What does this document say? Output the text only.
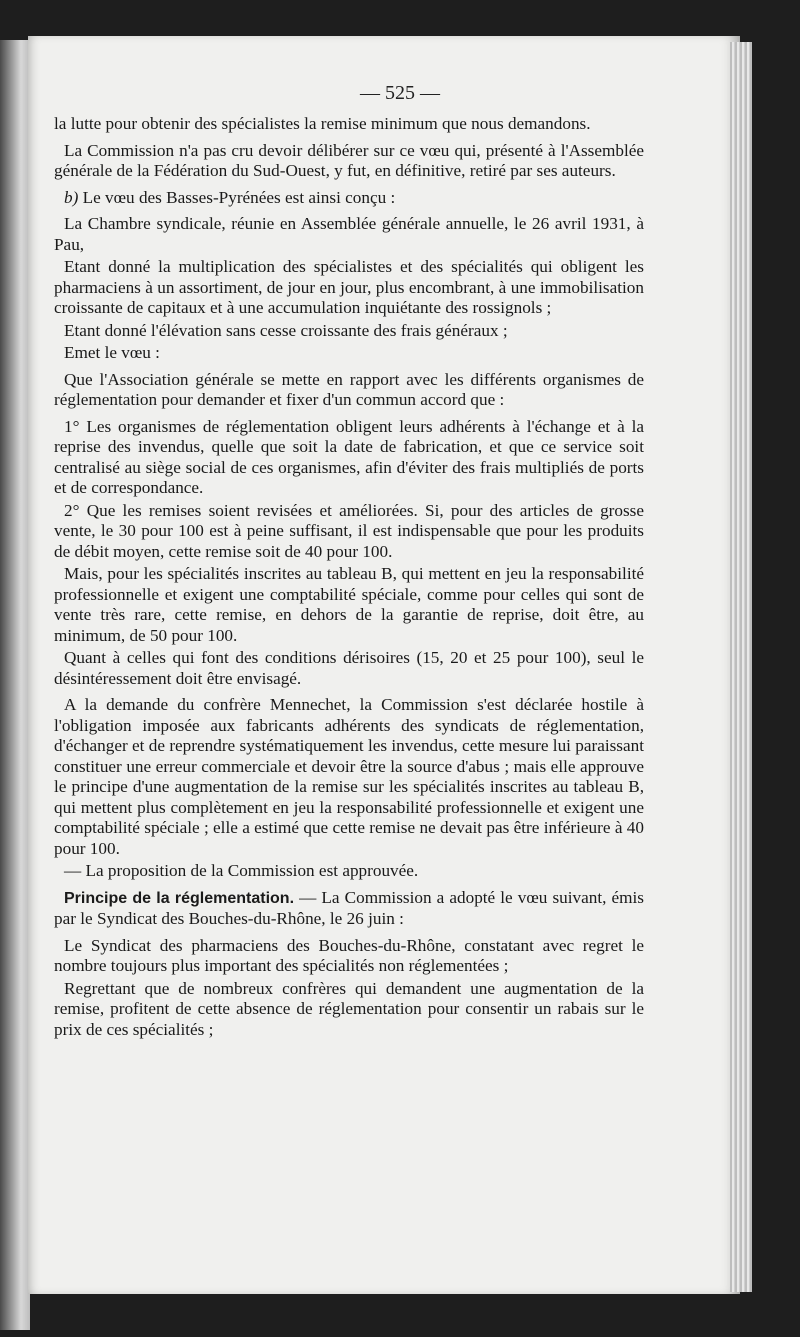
— 525 —

la lutte pour obtenir des spécialistes la remise minimum que nous demandons.

La Commission n'a pas cru devoir délibérer sur ce vœu qui, présenté à l'Assemblée générale de la Fédération du Sud-Ouest, y fut, en définitive, retiré par ses auteurs.

b) Le vœu des Basses-Pyrénées est ainsi conçu :

La Chambre syndicale, réunie en Assemblée générale annuelle, le 26 avril 1931, à Pau,

Etant donné la multiplication des spécialistes et des spécialités qui obligent les pharmaciens à un assortiment, de jour en jour, plus encombrant, à une immobilisation croissante de capitaux et à une accumulation inquiétante des rossignols ;

Etant donné l'élévation sans cesse croissante des frais généraux ;

Emet le vœu :

Que l'Association générale se mette en rapport avec les différents organismes de réglementation pour demander et fixer d'un commun accord que :

1° Les organismes de réglementation obligent leurs adhérents à l'échange et à la reprise des invendus, quelle que soit la date de fabrication, et que ce service soit centralisé au siège social de ces organismes, afin d'éviter des frais multipliés de ports et de correspondance.

2° Que les remises soient revisées et améliorées. Si, pour des articles de grosse vente, le 30 pour 100 est à peine suffisant, il est indispensable que pour les produits de débit moyen, cette remise soit de 40 pour 100.

Mais, pour les spécialités inscrites au tableau B, qui mettent en jeu la responsabilité professionnelle et exigent une comptabilité spéciale, comme pour celles qui sont de vente très rare, cette remise, en dehors de la garantie de reprise, doit être, au minimum, de 50 pour 100.

Quant à celles qui font des conditions dérisoires (15, 20 et 25 pour 100), seul le désintéressement doit être envisagé.

A la demande du confrère Mennechet, la Commission s'est déclarée hostile à l'obligation imposée aux fabricants adhérents des syndicats de réglementation, d'échanger et de reprendre systématiquement les invendus, cette mesure lui paraissant constituer une erreur commerciale et devoir être la source d'abus ; mais elle approuve le principe d'une augmentation de la remise sur les spécialités inscrites au tableau B, qui mettent plus complètement en jeu la responsabilité professionnelle et exigent une comptabilité spéciale ; elle a estimé que cette remise ne devait pas être inférieure à 40 pour 100.

— La proposition de la Commission est approuvée.

Principe de la réglementation. — La Commission a adopté le vœu suivant, émis par le Syndicat des Bouches-du-Rhône, le 26 juin :

Le Syndicat des pharmaciens des Bouches-du-Rhône, constatant avec regret le nombre toujours plus important des spécialités non réglementées ;

Regrettant que de nombreux confrères qui demandent une augmentation de la remise, profitent de cette absence de réglementation pour consentir un rabais sur le prix de ces spécialités ;
